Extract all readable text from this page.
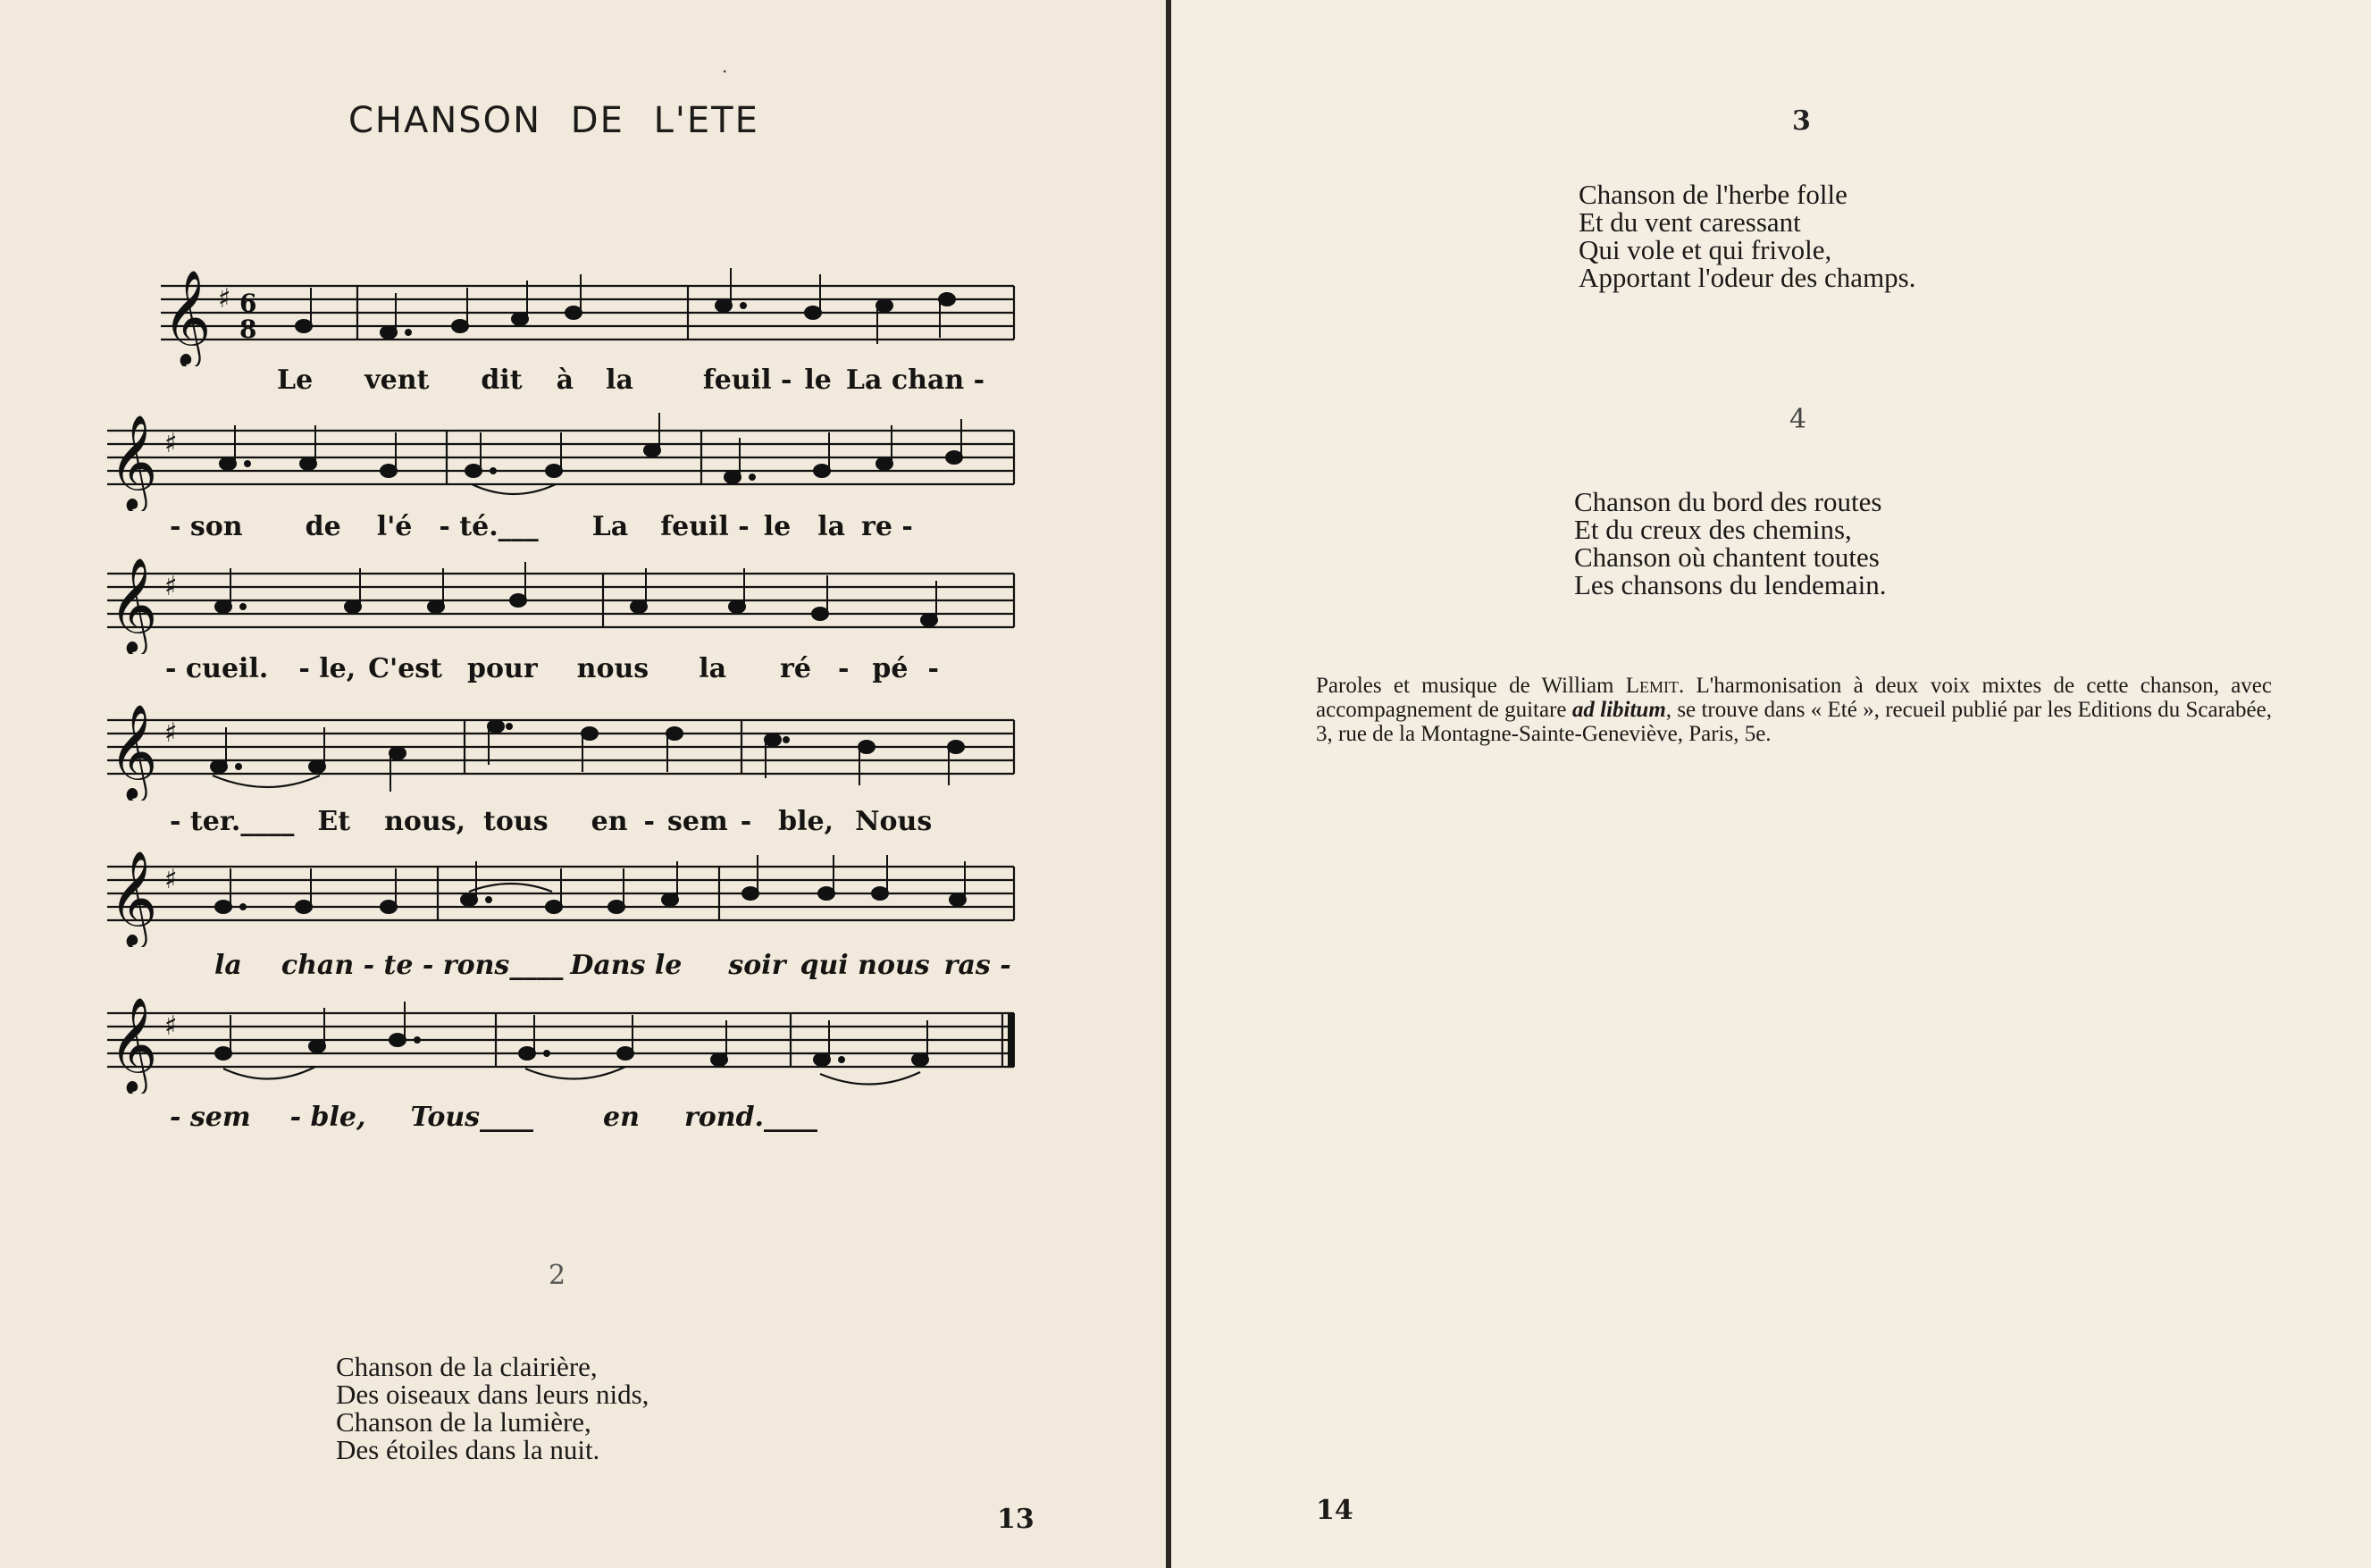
.
CHANSON DE L'ETE
𝄞 ♯ 6
8
Le vent dit à la	feuil - le La chan -
𝄞 ♯
- son de l'é - té.___ La feuil - le la re -
𝄞 ♯
- cueil. - le, C'est pour nous la ré - pé -
𝄞 ♯
- ter.____ Et nous, tous en - sem - ble, Nous
𝄞 ♯
la chan - te - rons____ Dans le soir qui nous ras -
𝄞 ♯
- sem - ble, Tous____	en rond.____
2
Chanson de la clairière,
Des oiseaux dans leurs nids,
Chanson de la lumière,
Des étoiles dans la nuit.
13
3
Chanson de l'herbe folle
Et du vent caressant
Qui vole et qui frivole,
Apportant l'odeur des champs.
4
Chanson du bord des routes
Et du creux des chemins,
Chanson où chantent toutes
Les chansons du lendemain.
14
Paroles et musique de William Lemit. L'harmonisation à deux voix mixtes de cette chanson, avec accompagnement de guitare ad libitum, se trouve dans « Eté », recueil publié par les Editions du Scarabée, 3, rue de la Montagne-Sainte-Geneviève, Paris, 5e.
